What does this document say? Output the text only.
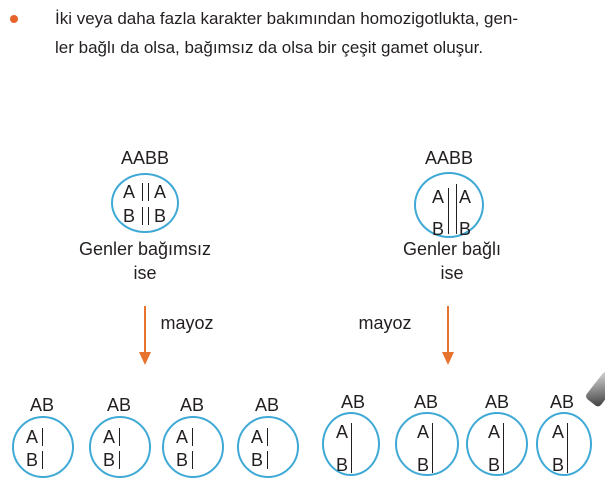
İki veya daha fazla karakter bakımından homozigotlukta, gen-
ler bağlı da olsa, bağımsız da olsa bir çeşit gamet oluşur.

AABB
A A
B B
Genler bağımsız
ise
mayoz
AABB
A A
B B
Genler bağlı
ise
mayoz
AB
A
B
AB
A
B
AB
A
B
AB
A
B
AB
A
B
AB
A
B
AB
A
B
AB
A
B
